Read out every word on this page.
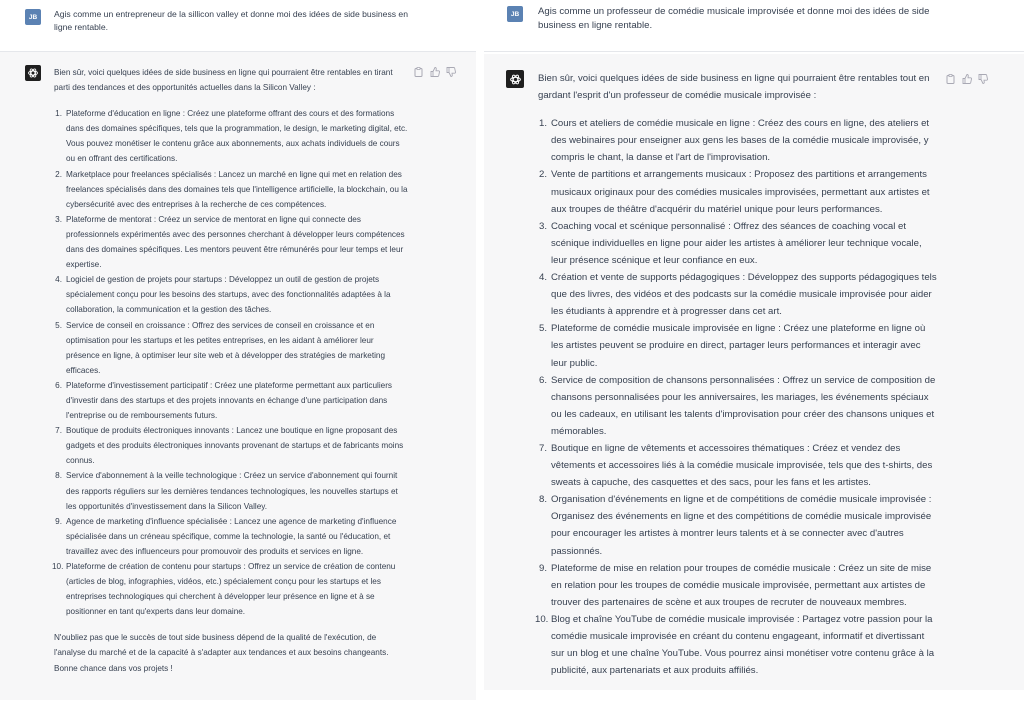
JB	Agis comme un entrepreneur de la sillicon valley et donne moi des idées de side business en ligne rentable.

Bien sûr, voici quelques idées de side business en ligne qui pourraient être rentables en tirant parti des tendances et des opportunités actuelles dans la Silicon Valley :

1. Plateforme d'éducation en ligne : Créez une plateforme offrant des cours et des formations dans des domaines spécifiques, tels que la programmation, le design, le marketing digital, etc. Vous pouvez monétiser le contenu grâce aux abonnements, aux achats individuels de cours ou en offrant des certifications.
2. Marketplace pour freelances spécialisés : Lancez un marché en ligne qui met en relation des freelances spécialisés dans des domaines tels que l'intelligence artificielle, la blockchain, ou la cybersécurité avec des entreprises à la recherche de ces compétences.
3. Plateforme de mentorat : Créez un service de mentorat en ligne qui connecte des professionnels expérimentés avec des personnes cherchant à développer leurs compétences dans des domaines spécifiques. Les mentors peuvent être rémunérés pour leur temps et leur expertise.
4. Logiciel de gestion de projets pour startups : Développez un outil de gestion de projets spécialement conçu pour les besoins des startups, avec des fonctionnalités adaptées à la collaboration, la communication et la gestion des tâches.
5. Service de conseil en croissance : Offrez des services de conseil en croissance et en optimisation pour les startups et les petites entreprises, en les aidant à améliorer leur présence en ligne, à optimiser leur site web et à développer des stratégies de marketing efficaces.
6. Plateforme d'investissement participatif : Créez une plateforme permettant aux particuliers d'investir dans des startups et des projets innovants en échange d'une participation dans l'entreprise ou de remboursements futurs.
7. Boutique de produits électroniques innovants : Lancez une boutique en ligne proposant des gadgets et des produits électroniques innovants provenant de startups et de fabricants moins connus.
8. Service d'abonnement à la veille technologique : Créez un service d'abonnement qui fournit des rapports réguliers sur les dernières tendances technologiques, les nouvelles startups et les opportunités d'investissement dans la Silicon Valley.
9. Agence de marketing d'influence spécialisée : Lancez une agence de marketing d'influence spécialisée dans un créneau spécifique, comme la technologie, la santé ou l'éducation, et travaillez avec des influenceurs pour promouvoir des produits et services en ligne.
10. Plateforme de création de contenu pour startups : Offrez un service de création de contenu (articles de blog, infographies, vidéos, etc.) spécialement conçu pour les startups et les entreprises technologiques qui cherchent à développer leur présence en ligne et à se positionner en tant qu'experts dans leur domaine.

N'oubliez pas que le succès de tout side business dépend de la qualité de l'exécution, de l'analyse du marché et de la capacité à s'adapter aux tendances et aux besoins changeants. Bonne chance dans vos projets !

JB	Agis comme un professeur de comédie musicale improvisée et donne moi des idées de side business en ligne rentable.

Bien sûr, voici quelques idées de side business en ligne qui pourraient être rentables tout en gardant l'esprit d'un professeur de comédie musicale improvisée :

1. Cours et ateliers de comédie musicale en ligne : Créez des cours en ligne, des ateliers et des webinaires pour enseigner aux gens les bases de la comédie musicale improvisée, y compris le chant, la danse et l'art de l'improvisation.
2. Vente de partitions et arrangements musicaux : Proposez des partitions et arrangements musicaux originaux pour des comédies musicales improvisées, permettant aux artistes et aux troupes de théâtre d'acquérir du matériel unique pour leurs performances.
3. Coaching vocal et scénique personnalisé : Offrez des séances de coaching vocal et scénique individuelles en ligne pour aider les artistes à améliorer leur technique vocale, leur présence scénique et leur confiance en eux.
4. Création et vente de supports pédagogiques : Développez des supports pédagogiques tels que des livres, des vidéos et des podcasts sur la comédie musicale improvisée pour aider les étudiants à apprendre et à progresser dans cet art.
5. Plateforme de comédie musicale improvisée en ligne : Créez une plateforme en ligne où les artistes peuvent se produire en direct, partager leurs performances et interagir avec leur public.
6. Service de composition de chansons personnalisées : Offrez un service de composition de chansons personnalisées pour les anniversaires, les mariages, les événements spéciaux ou les cadeaux, en utilisant les talents d'improvisation pour créer des chansons uniques et mémorables.
7. Boutique en ligne de vêtements et accessoires thématiques : Créez et vendez des vêtements et accessoires liés à la comédie musicale improvisée, tels que des t-shirts, des sweats à capuche, des casquettes et des sacs, pour les fans et les artistes.
8. Organisation d'événements en ligne et de compétitions de comédie musicale improvisée : Organisez des événements en ligne et des compétitions de comédie musicale improvisée pour encourager les artistes à montrer leurs talents et à se connecter avec d'autres passionnés.
9. Plateforme de mise en relation pour troupes de comédie musicale : Créez un site de mise en relation pour les troupes de comédie musicale improvisée, permettant aux artistes de trouver des partenaires de scène et aux troupes de recruter de nouveaux membres.
10. Blog et chaîne YouTube de comédie musicale improvisée : Partagez votre passion pour la comédie musicale improvisée en créant du contenu engageant, informatif et divertissant sur un blog et une chaîne YouTube. Vous pourrez ainsi monétiser votre contenu grâce à la publicité, aux partenariats et aux produits affiliés.
